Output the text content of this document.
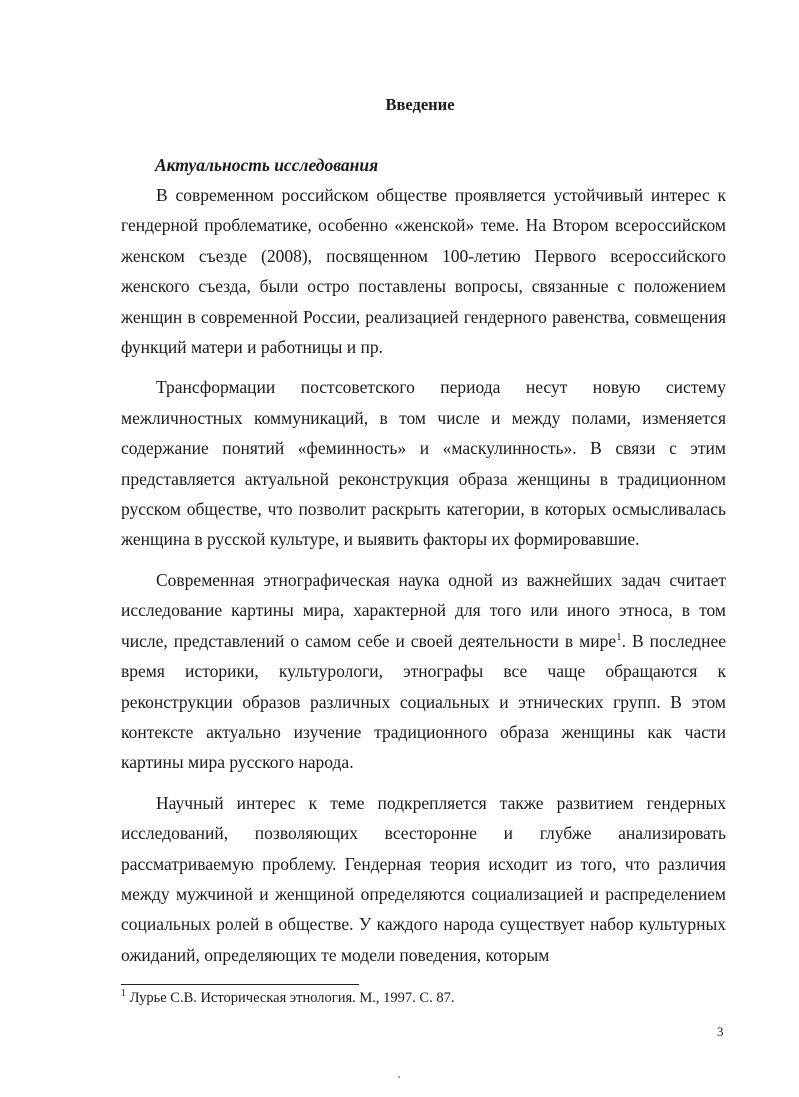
Введение
Актуальность исследования

В современном российском обществе проявляется устойчивый интерес к гендерной проблематике, особенно «женской» теме. На Втором всероссийском женском съезде (2008), посвященном 100-летию Первого всероссийского женского съезда, были остро поставлены вопросы, связанные с положением женщин в современной России, реализацией гендерного равенства, совмещения функций матери и работницы и пр.

Трансформации постсоветского периода несут новую систему межличностных коммуникаций, в том числе и между полами, изменяется содержание понятий «феминность» и «маскулинность». В связи с этим представляется актуальной реконструкция образа женщины в традиционном русском обществе, что позволит раскрыть категории, в которых осмысливалась женщина в русской культуре, и выявить факторы их формировавшие.

Современная этнографическая наука одной из важнейших задач считает исследование картины мира, характерной для того или иного этноса, в том числе, представлений о самом себе и своей деятельности в мире$^1$. В последнее время историки, культурологи, этнографы все чаще обращаются к реконструкции образов различных социальных и этнических групп. В этом контексте актуально изучение традиционного образа женщины как части картины мира русского народа.

Научный интерес к теме подкрепляется также развитием гендерных исследований, позволяющих всесторонне и глубже анализировать рассматриваемую проблему. Гендерная теория исходит из того, что различия между мужчиной и женщиной определяются социализацией и распределением социальных ролей в обществе. У каждого народа существует набор культурных ожиданий, определяющих те модели поведения, которым

$^1$ Лурье С.В. Историческая этнология. М., 1997. С. 87.
3
